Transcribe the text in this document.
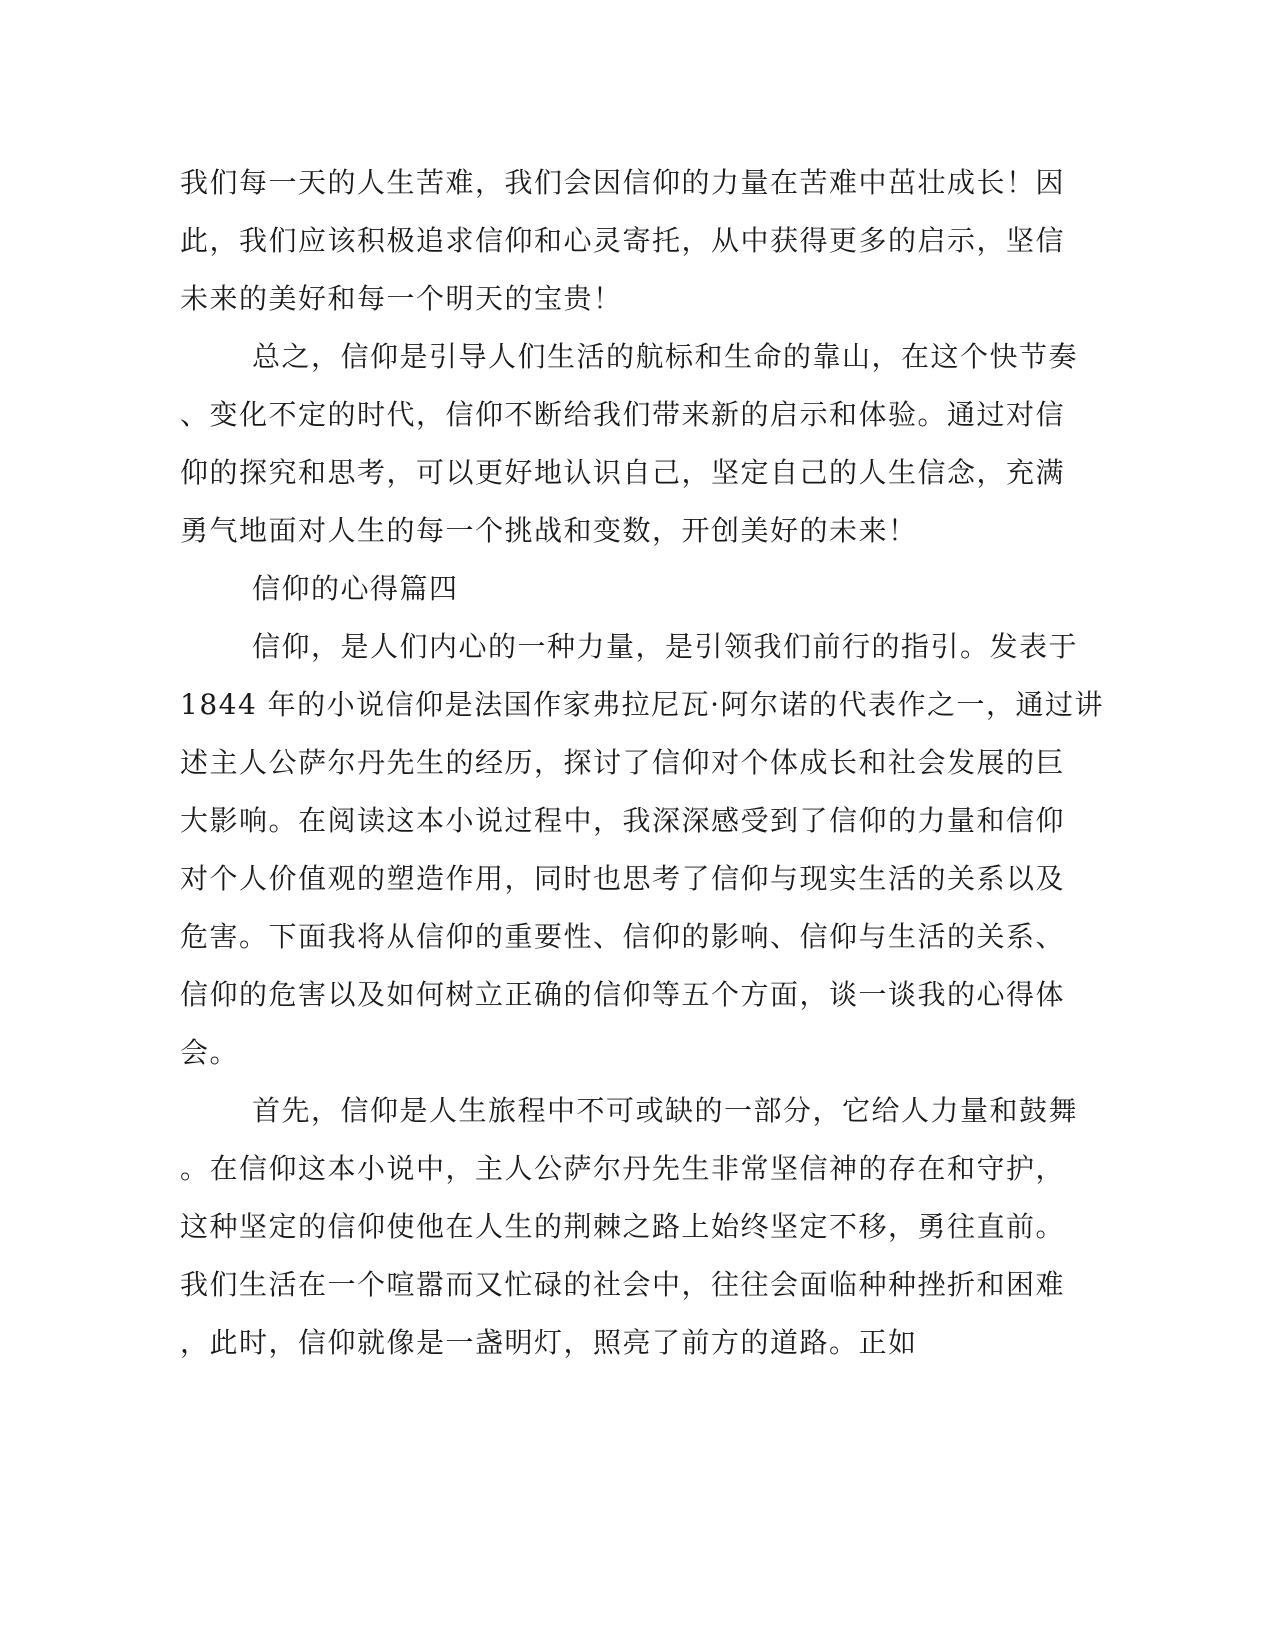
我们每一天的人生苦难，我们会因信仰的力量在苦难中茁壮成长！因
此，我们应该积极追求信仰和心灵寄托，从中获得更多的启示，坚信
未来的美好和每一个明天的宝贵！
总之，信仰是引导人们生活的航标和生命的靠山，在这个快节奏
、变化不定的时代，信仰不断给我们带来新的启示和体验。通过对信
仰的探究和思考，可以更好地认识自己，坚定自己的人生信念，充满
勇气地面对人生的每一个挑战和变数，开创美好的未来！
信仰的心得篇四
信仰，是人们内心的一种力量，是引领我们前行的指引。发表于
1844 年的小说信仰是法国作家弗拉尼瓦·阿尔诺的代表作之一，通过讲
述主人公萨尔丹先生的经历，探讨了信仰对个体成长和社会发展的巨
大影响。在阅读这本小说过程中，我深深感受到了信仰的力量和信仰
对个人价值观的塑造作用，同时也思考了信仰与现实生活的关系以及
危害。下面我将从信仰的重要性、信仰的影响、信仰与生活的关系、
信仰的危害以及如何树立正确的信仰等五个方面，谈一谈我的心得体
会。
首先，信仰是人生旅程中不可或缺的一部分，它给人力量和鼓舞
。在信仰这本小说中，主人公萨尔丹先生非常坚信神的存在和守护，
这种坚定的信仰使他在人生的荆棘之路上始终坚定不移，勇往直前。
我们生活在一个喧嚣而又忙碌的社会中，往往会面临种种挫折和困难
，此时，信仰就像是一盏明灯，照亮了前方的道路。正如
